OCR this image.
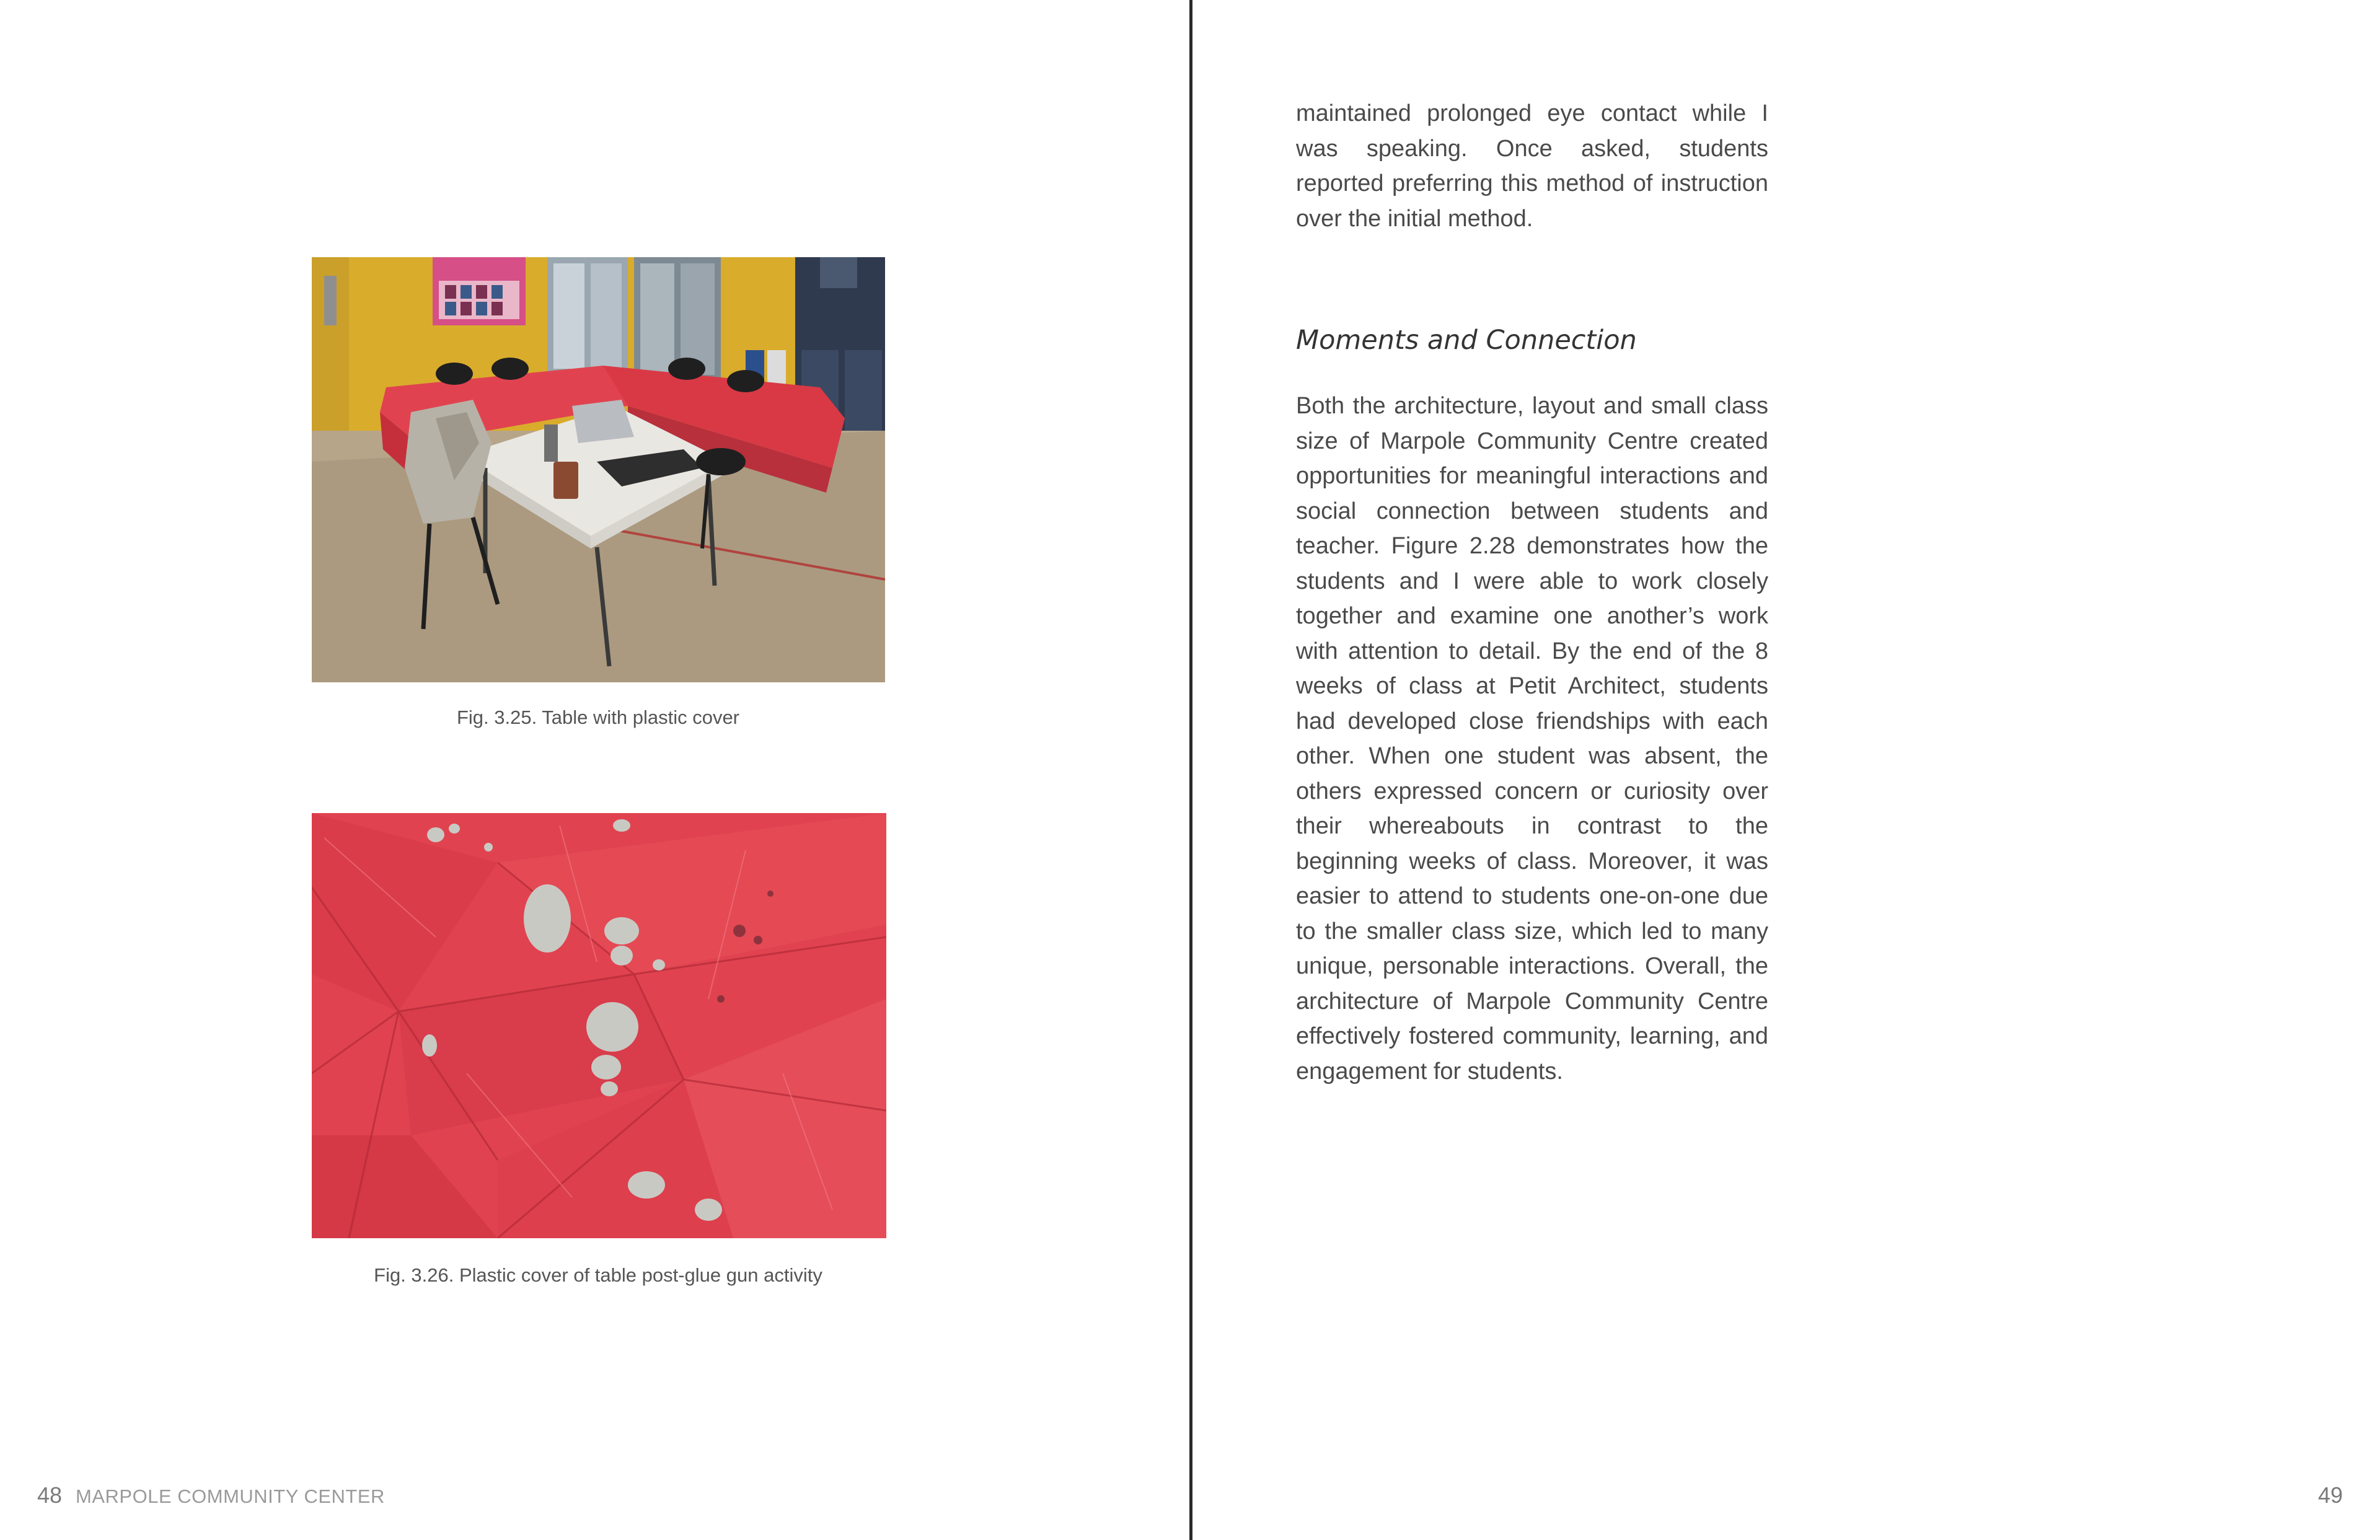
Fig. 3.25. Table with plastic cover

Fig. 3.26. Plastic cover of table post-glue gun activity

48 MARPOLE COMMUNITY CENTER

maintained prolonged eye contact while I was speaking. Once asked, students reported preferring this method of instruction over the initial method.

Moments and Connection

Both the architecture, layout and small class size of Marpole Community Centre created opportunities for meaningful interactions and social connection between students and teacher. Figure 2.28 demonstrates how the students and I were able to work closely together and examine one another’s work with attention to detail. By the end of the 8 weeks of class at Petit Architect, students had developed close friendships with each other. When one student was absent, the others expressed concern or curiosity over their whereabouts in contrast to the beginning weeks of class. Moreover, it was easier to attend to students one-on-one due to the smaller class size, which led to many unique, personable interactions. Overall, the architecture of Marpole Community Centre effectively fostered community, learning, and engagement for students.

49
